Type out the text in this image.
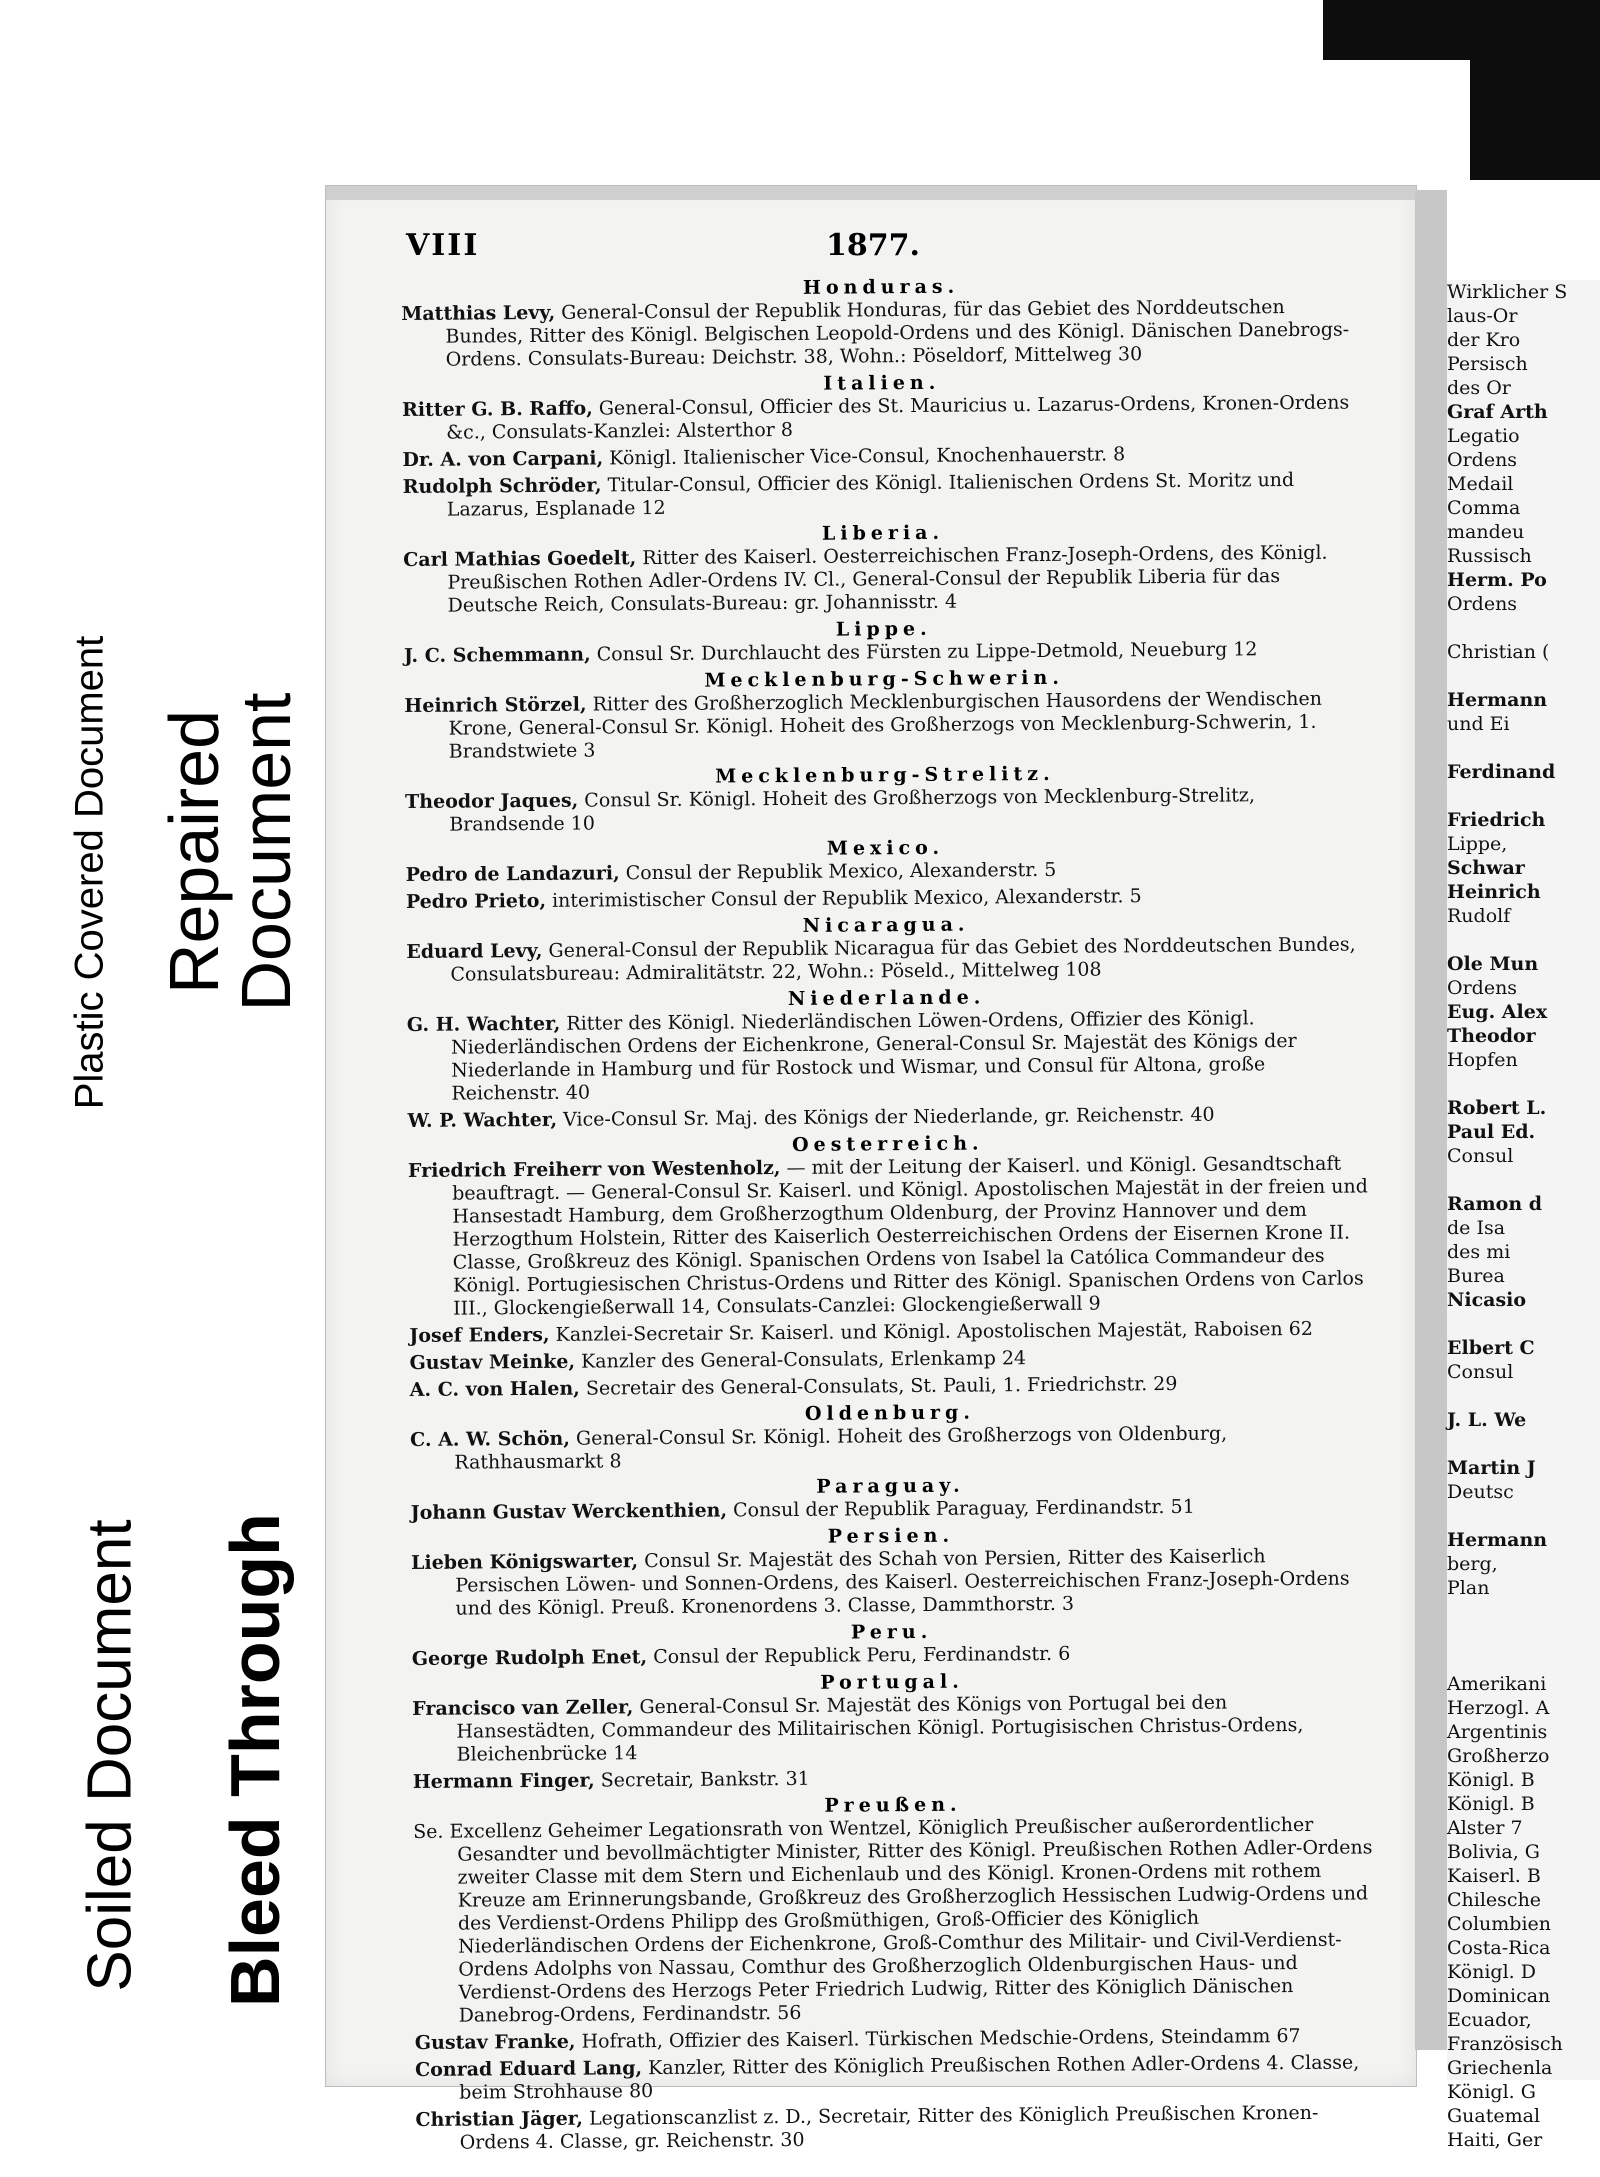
Plastic Covered Document Repaired
Document
Soiled Document Bleed Through
VIII	1877.
Honduras.
Matthias Levy, General-Consul der Republik Honduras, für das Gebiet des Norddeutschen Bundes, Ritter des Königl. Belgischen Leopold-Ordens und des Königl. Dänischen Danebrogs-Ordens. Consulats-Bureau: Deichstr. 38, Wohn.: Pöseldorf, Mittelweg 30
Italien.
Ritter G. B. Raffo, General-Consul, Officier des St. Mauricius u. Lazarus-Ordens, Kronen-Ordens &c., Consulats-Kanzlei: Alsterthor 8
Dr. A. von Carpani, Königl. Italienischer Vice-Consul, Knochenhauerstr. 8
Rudolph Schröder, Titular-Consul, Officier des Königl. Italienischen Ordens St. Moritz und Lazarus, Esplanade 12
Liberia.
Carl Mathias Goedelt, Ritter des Kaiserl. Oesterreichischen Franz-Joseph-Ordens, des Königl. Preußischen Rothen Adler-Ordens IV. Cl., General-Consul der Republik Liberia für das Deutsche Reich, Consulats-Bureau: gr. Johannisstr. 4
Lippe.
J. C. Schemmann, Consul Sr. Durchlaucht des Fürsten zu Lippe-Detmold, Neueburg 12
Mecklenburg-Schwerin.
Heinrich Störzel, Ritter des Großherzoglich Mecklenburgischen Hausordens der Wendischen Krone, General-Consul Sr. Königl. Hoheit des Großherzogs von Mecklenburg-Schwerin, 1. Brandstwiete 3
Mecklenburg-Strelitz.
Theodor Jaques, Consul Sr. Königl. Hoheit des Großherzogs von Mecklenburg-Strelitz, Brandsende 10
Mexico.
Pedro de Landazuri, Consul der Republik Mexico, Alexanderstr. 5
Pedro Prieto, interimistischer Consul der Republik Mexico, Alexanderstr. 5
Nicaragua.
Eduard Levy, General-Consul der Republik Nicaragua für das Gebiet des Norddeutschen Bundes, Consulatsbureau: Admiralitätstr. 22, Wohn.: Pöseld., Mittelweg 108
Niederlande.
G. H. Wachter, Ritter des Königl. Niederländischen Löwen-Ordens, Offizier des Königl. Niederländischen Ordens der Eichenkrone, General-Consul Sr. Majestät des Königs der Niederlande in Hamburg und für Rostock und Wismar, und Consul für Altona, große Reichenstr. 40
W. P. Wachter, Vice-Consul Sr. Maj. des Königs der Niederlande, gr. Reichenstr. 40
Oesterreich.
Friedrich Freiherr von Westenholz, — mit der Leitung der Kaiserl. und Königl. Gesandtschaft beauftragt. — General-Consul Sr. Kaiserl. und Königl. Apostolischen Majestät in der freien und Hansestadt Hamburg, dem Großherzogthum Oldenburg, der Provinz Hannover und dem Herzogthum Holstein, Ritter des Kaiserlich Oesterreichischen Ordens der Eisernen Krone II. Classe, Großkreuz des Königl. Spanischen Ordens von Isabel la Católica Commandeur des Königl. Portugiesischen Christus-Ordens und Ritter des Königl. Spanischen Ordens von Carlos III., Glockengießerwall 14, Consulats-Canzlei: Glockengießerwall 9
Josef Enders, Kanzlei-Secretair Sr. Kaiserl. und Königl. Apostolischen Majestät, Raboisen 62
Gustav Meinke, Kanzler des General-Consulats, Erlenkamp 24
A. C. von Halen, Secretair des General-Consulats, St. Pauli, 1. Friedrichstr. 29
Oldenburg.
C. A. W. Schön, General-Consul Sr. Königl. Hoheit des Großherzogs von Oldenburg, Rathhausmarkt 8
Paraguay.
Johann Gustav Werckenthien, Consul der Republik Paraguay, Ferdinandstr. 51
Persien.
Lieben Königswarter, Consul Sr. Majestät des Schah von Persien, Ritter des Kaiserlich Persischen Löwen- und Sonnen-Ordens, des Kaiserl. Oesterreichischen Franz-Joseph-Ordens und des Königl. Preuß. Kronenordens 3. Classe, Dammthorstr. 3
Peru.
George Rudolph Enet, Consul der Republick Peru, Ferdinandstr. 6
Portugal.
Francisco van Zeller, General-Consul Sr. Majestät des Königs von Portugal bei den Hansestädten, Commandeur des Militairischen Königl. Portugisischen Christus-Ordens, Bleichenbrücke 14
Hermann Finger, Secretair, Bankstr. 31
Preußen.
Se. Excellenz Geheimer Legationsrath von Wentzel, Königlich Preußischer außerordentlicher Gesandter und bevollmächtigter Minister, Ritter des Königl. Preußischen Rothen Adler-Ordens zweiter Classe mit dem Stern und Eichenlaub und des Königl. Kronen-Ordens mit rothem Kreuze am Erinnerungsbande, Großkreuz des Großherzoglich Hessischen Ludwig-Ordens und des Verdienst-Ordens Philipp des Großmüthigen, Groß-Officier des Königlich Niederländischen Ordens der Eichenkrone, Groß-Comthur des Militair- und Civil-Verdienst-Ordens Adolphs von Nassau, Comthur des Großherzoglich Oldenburgischen Haus- und Verdienst-Ordens des Herzogs Peter Friedrich Ludwig, Ritter des Königlich Dänischen Danebrog-Ordens, Ferdinandstr. 56
Gustav Franke, Hofrath, Offizier des Kaiserl. Türkischen Medschie-Ordens, Steindamm 67
Conrad Eduard Lang, Kanzler, Ritter des Königlich Preußischen Rothen Adler-Ordens 4. Classe, beim Strohhause 80
Christian Jäger, Legationscanzlist z. D., Secretair, Ritter des Königlich Preußischen Kronen-Ordens 4. Classe, gr. Reichenstr. 30
Wirklicher S
laus-Or
der Kro
Persisch
des Or
Graf Arth
Legatio
Ordens
Medail
Comma
mandeu
Russisch
Herm. Po
Ordens

Christian (

Hermann
und Ei

Ferdinand

Friedrich
Lippe,
Schwar
Heinrich
Rudolf

Ole Mun
Ordens
Eug. Alex
Theodor
Hopfen

Robert L.
Paul Ed.
Consul

Ramon d
de Isa
des mi
Burea
Nicasio

Elbert C
Consul

J. L. We

Martin J
Deutsc

Hermann
berg,
Plan

Amerikani
Herzogl. A
Argentinis
Großherzo
Königl. B
Königl. B
Alster 7
Bolivia, G
Kaiserl. B
Chilesche
Columbien
Costa-Rica
Königl. D
Dominican
Ecuador,
Französisch
Griechenla
Königl. G
Guatemal
Haiti, Ger
